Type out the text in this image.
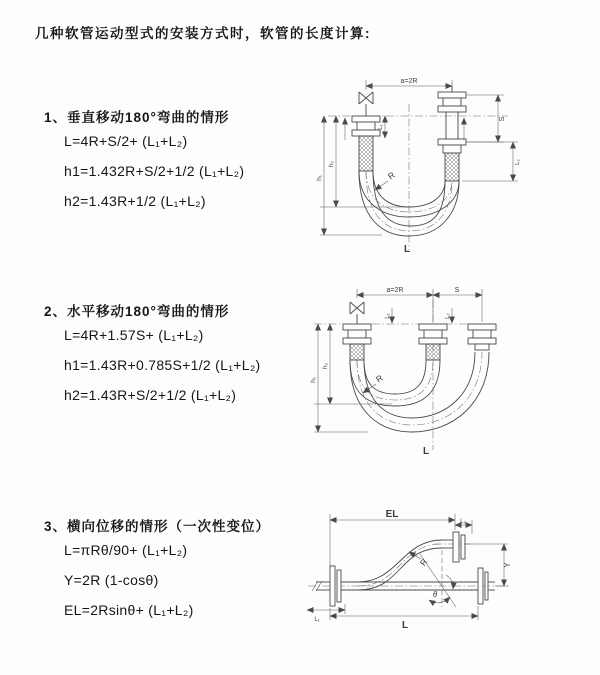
几种软管运动型式的安装方式时，软管的长度计算:
1、垂直移动180°弯曲的情形
L=4R+S/2+ (L₁+L₂)
h1=1.432R+S/2+1/2 (L₁+L₂)
h2=1.43R+1/2 (L₁+L₂)
a=2R
L₁
S
L₂
h₂
h₁	R
L
2、水平移动180°弯曲的情形
L=4R+1.57S+ (L₁+L₂)
h1=1.43R+0.785S+1/2 (L₁+L₂)
h2=1.43R+S/2+1/2 (L₁+L₂)
a=2R	S
L₁	L₂
h₂
h₁	R
L
3、横向位移的情形（一次性变位）
L=πRθ/90+ (L₁+L₂)
Y=2R (1-cosθ)
EL=2Rsinθ+ (L₁+L₂)
EL
L₂
Y
R
θ
L₁	L
